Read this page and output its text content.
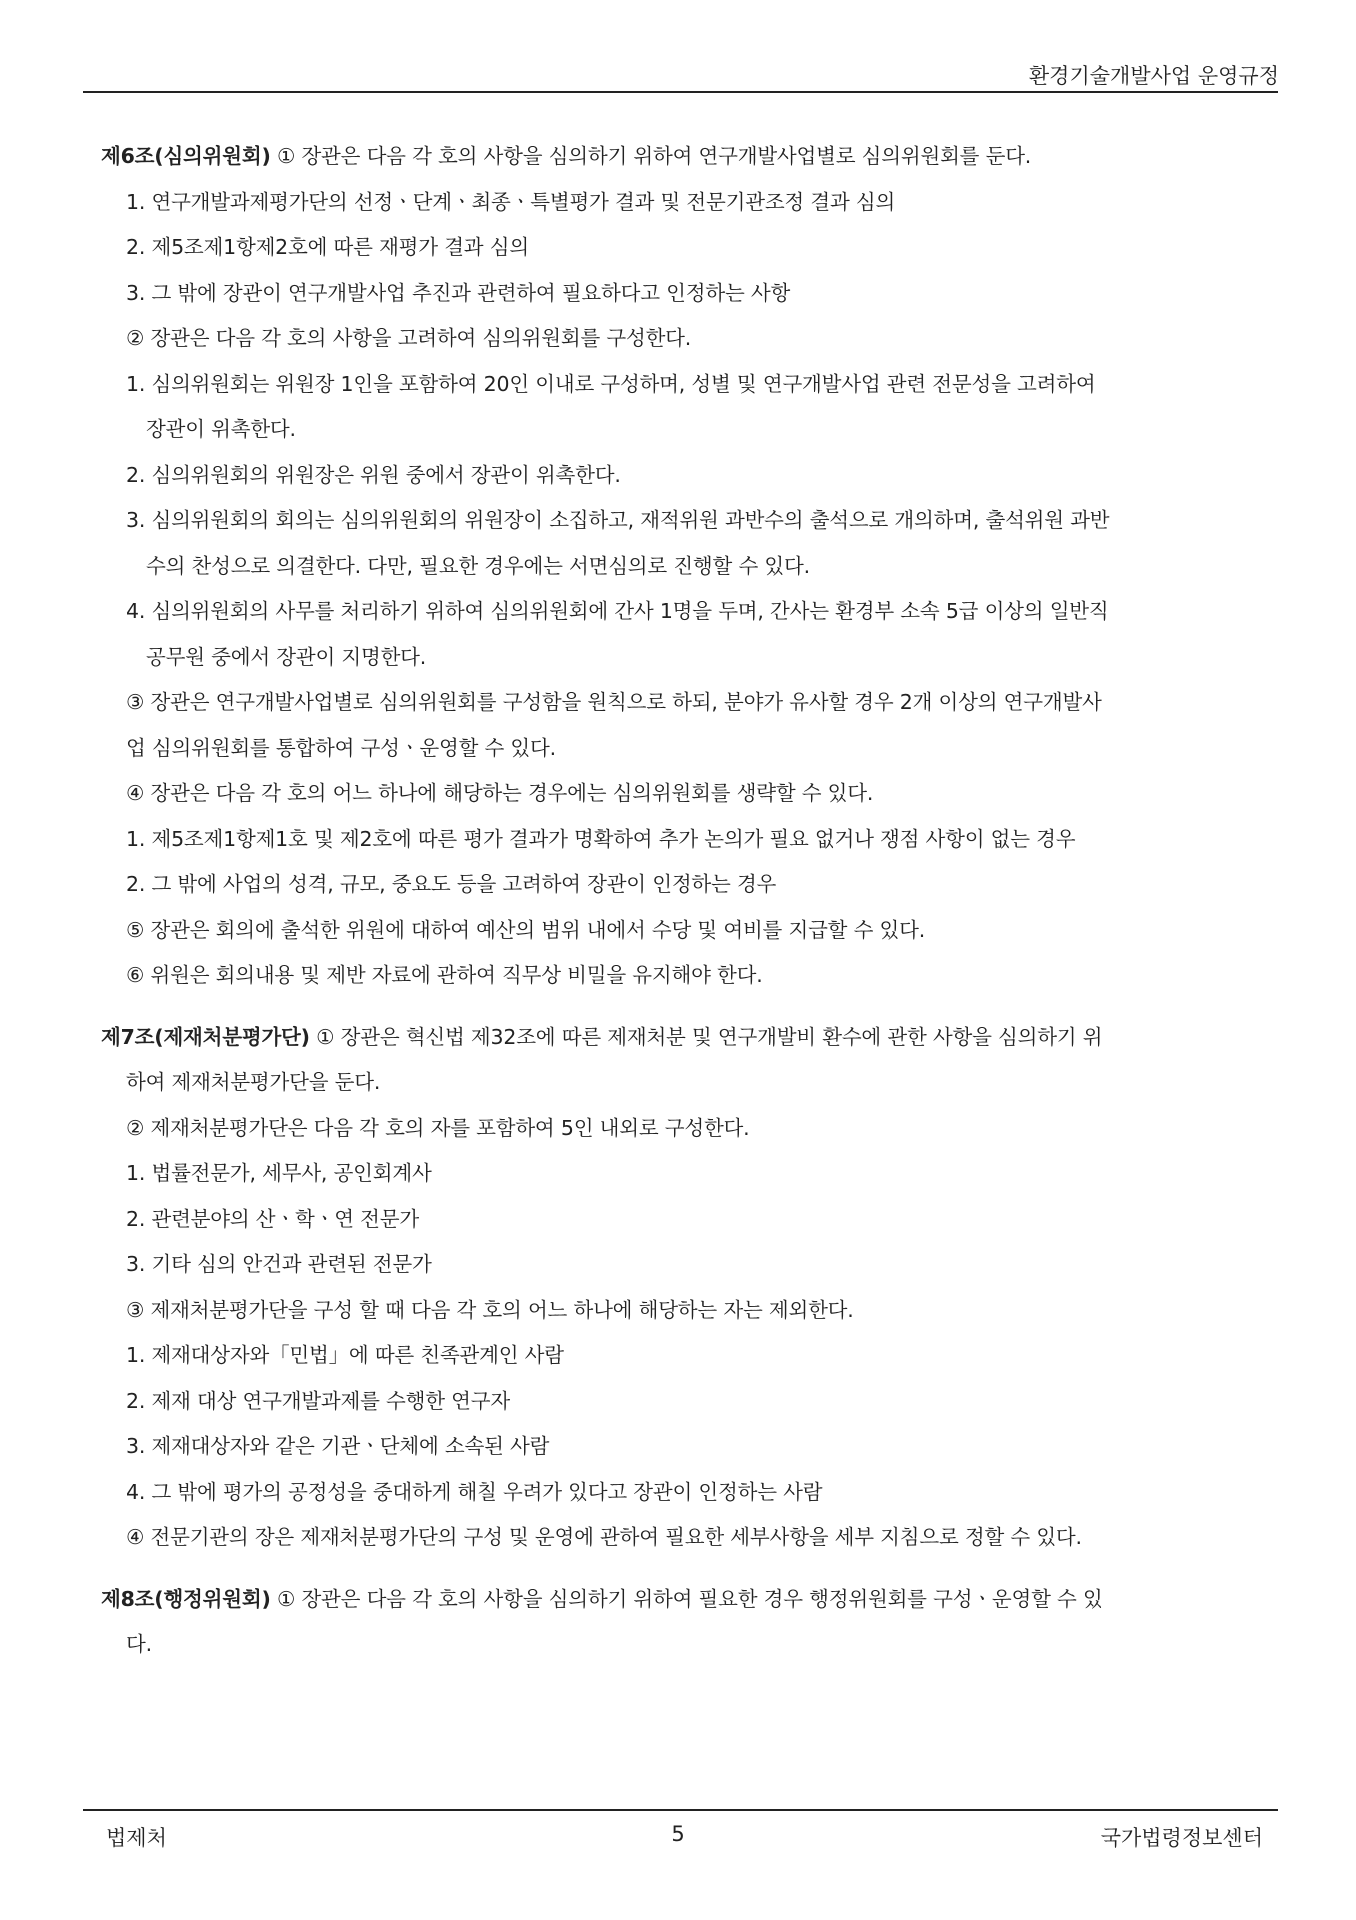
환경기술개발사업 운영규정
제6조(심의위원회) ① 장관은 다음 각 호의 사항을 심의하기 위하여 연구개발사업별로 심의위원회를 둔다.
1. 연구개발과제평가단의 선정ㆍ단계ㆍ최종ㆍ특별평가 결과 및 전문기관조정 결과 심의
2. 제5조제1항제2호에 따른 재평가 결과 심의
3. 그 밖에 장관이 연구개발사업 추진과 관련하여 필요하다고 인정하는 사항
② 장관은 다음 각 호의 사항을 고려하여 심의위원회를 구성한다.
1. 심의위원회는 위원장 1인을 포함하여 20인 이내로 구성하며, 성별 및 연구개발사업 관련 전문성을 고려하여
장관이 위촉한다.
2. 심의위원회의 위원장은 위원 중에서 장관이 위촉한다.
3. 심의위원회의 회의는 심의위원회의 위원장이 소집하고, 재적위원 과반수의 출석으로 개의하며, 출석위원 과반
수의 찬성으로 의결한다. 다만, 필요한 경우에는 서면심의로 진행할 수 있다.
4. 심의위원회의 사무를 처리하기 위하여 심의위원회에 간사 1명을 두며, 간사는 환경부 소속 5급 이상의 일반직
공무원 중에서 장관이 지명한다.
③ 장관은 연구개발사업별로 심의위원회를 구성함을 원칙으로 하되, 분야가 유사할 경우 2개 이상의 연구개발사
업 심의위원회를 통합하여 구성ㆍ운영할 수 있다.
④ 장관은 다음 각 호의 어느 하나에 해당하는 경우에는 심의위원회를 생략할 수 있다.
1. 제5조제1항제1호 및 제2호에 따른 평가 결과가 명확하여 추가 논의가 필요 없거나 쟁점 사항이 없는 경우
2. 그 밖에 사업의 성격, 규모, 중요도 등을 고려하여 장관이 인정하는 경우
⑤ 장관은 회의에 출석한 위원에 대하여 예산의 범위 내에서 수당 및 여비를 지급할 수 있다.
⑥ 위원은 회의내용 및 제반 자료에 관하여 직무상 비밀을 유지해야 한다.
제7조(제재처분평가단) ① 장관은 혁신법 제32조에 따른 제재처분 및 연구개발비 환수에 관한 사항을 심의하기 위
하여 제재처분평가단을 둔다.
② 제재처분평가단은 다음 각 호의 자를 포함하여 5인 내외로 구성한다.
1. 법률전문가, 세무사, 공인회계사
2. 관련분야의 산ㆍ학ㆍ연 전문가
3. 기타 심의 안건과 관련된 전문가
③ 제재처분평가단을 구성 할 때 다음 각 호의 어느 하나에 해당하는 자는 제외한다.
1. 제재대상자와「민법」에 따른 친족관계인 사람
2. 제재 대상 연구개발과제를 수행한 연구자
3. 제재대상자와 같은 기관ㆍ단체에 소속된 사람
4. 그 밖에 평가의 공정성을 중대하게 해칠 우려가 있다고 장관이 인정하는 사람
④ 전문기관의 장은 제재처분평가단의 구성 및 운영에 관하여 필요한 세부사항을 세부 지침으로 정할 수 있다.
제8조(행정위원회) ① 장관은 다음 각 호의 사항을 심의하기 위하여 필요한 경우 행정위원회를 구성ㆍ운영할 수 있
다.
법제처	5	국가법령정보센터
